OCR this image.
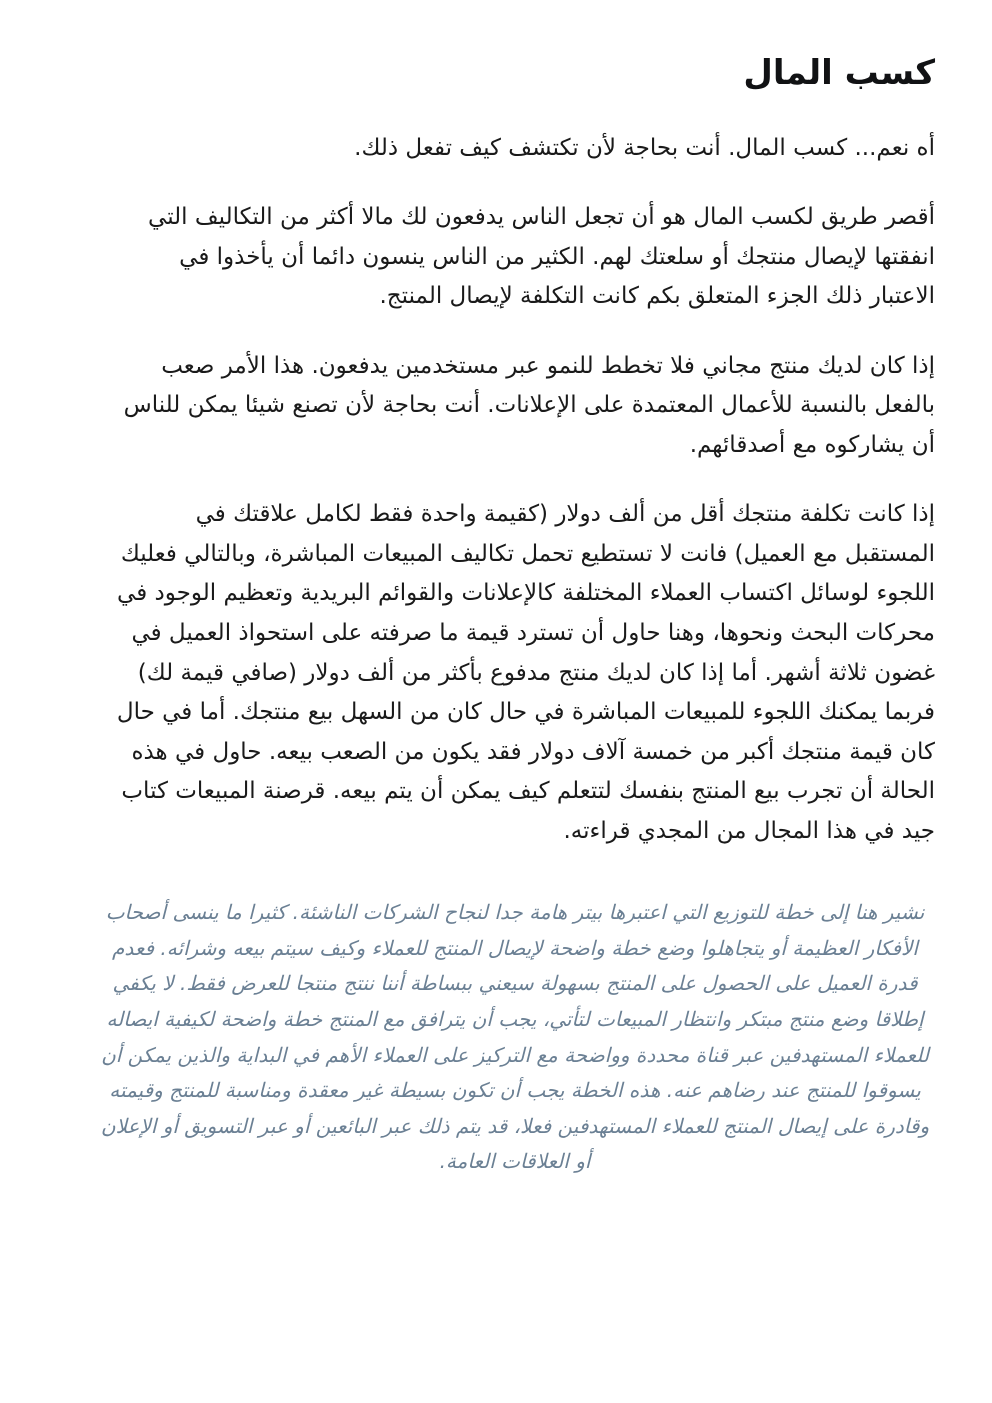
كسب المال

أه نعم... كسب المال. أنت بحاجة لأن تكتشف كيف تفعل ذلك.

أقصر طريق لكسب المال هو أن تجعل الناس يدفعون لك مالا أكثر من التكاليف التي انفقتها لإيصال منتجك أو سلعتك لهم. الكثير من الناس ينسون دائما أن يأخذوا في الاعتبار ذلك الجزء المتعلق بكم كانت التكلفة لإيصال المنتج.

إذا كان لديك منتج مجاني فلا تخطط للنمو عبر مستخدمين يدفعون. هذا الأمر صعب بالفعل بالنسبة للأعمال المعتمدة على الإعلانات. أنت بحاجة لأن تصنع شيئا يمكن للناس أن يشاركوه مع أصدقائهم.

إذا كانت تكلفة منتجك أقل من ألف دولار (كقيمة واحدة فقط لكامل علاقتك في المستقبل مع العميل) فانت لا تستطيع تحمل تكاليف المبيعات المباشرة، وبالتالي فعليك اللجوء لوسائل اكتساب العملاء المختلفة كالإعلانات والقوائم البريدية وتعظيم الوجود في محركات البحث ونحوها، وهنا حاول أن تسترد قيمة ما صرفته على استحواذ العميل في غضون ثلاثة أشهر. أما إذا كان لديك منتج مدفوع بأكثر من ألف دولار (صافي قيمة لك) فربما يمكنك اللجوء للمبيعات المباشرة في حال كان من السهل بيع منتجك. أما في حال كان قيمة منتجك أكبر من خمسة آلاف دولار فقد يكون من الصعب بيعه. حاول في هذه الحالة أن تجرب بيع المنتج بنفسك لتتعلم كيف يمكن أن يتم بيعه. قرصنة المبيعات كتاب جيد في هذا المجال من المجدي قراءته.

نشير هنا إلى خطة للتوزيع التي اعتبرها بيتر هامة جدا لنجاح الشركات الناشئة. كثيرا ما ينسى أصحاب الأفكار العظيمة أو يتجاهلوا وضع خطة واضحة لإيصال المنتج للعملاء وكيف سيتم بيعه وشرائه. فعدم قدرة العميل على الحصول على المنتج بسهولة سيعني ببساطة أننا ننتج منتجا للعرض فقط. لا يكفي إطلاقا وضع منتج مبتكر وانتظار المبيعات لتأتي، يجب أن يترافق مع المنتج خطة واضحة لكيفية ايصاله للعملاء المستهدفين عبر قناة محددة وواضحة مع التركيز على العملاء الأهم في البداية والذين يمكن أن يسوقوا للمنتج عند رضاهم عنه. هذه الخطة يجب أن تكون بسيطة غير معقدة ومناسبة للمنتج وقيمته وقادرة على إيصال المنتج للعملاء المستهدفين فعلا، قد يتم ذلك عبر البائعين أو عبر التسويق أو الإعلان أو العلاقات العامة.
